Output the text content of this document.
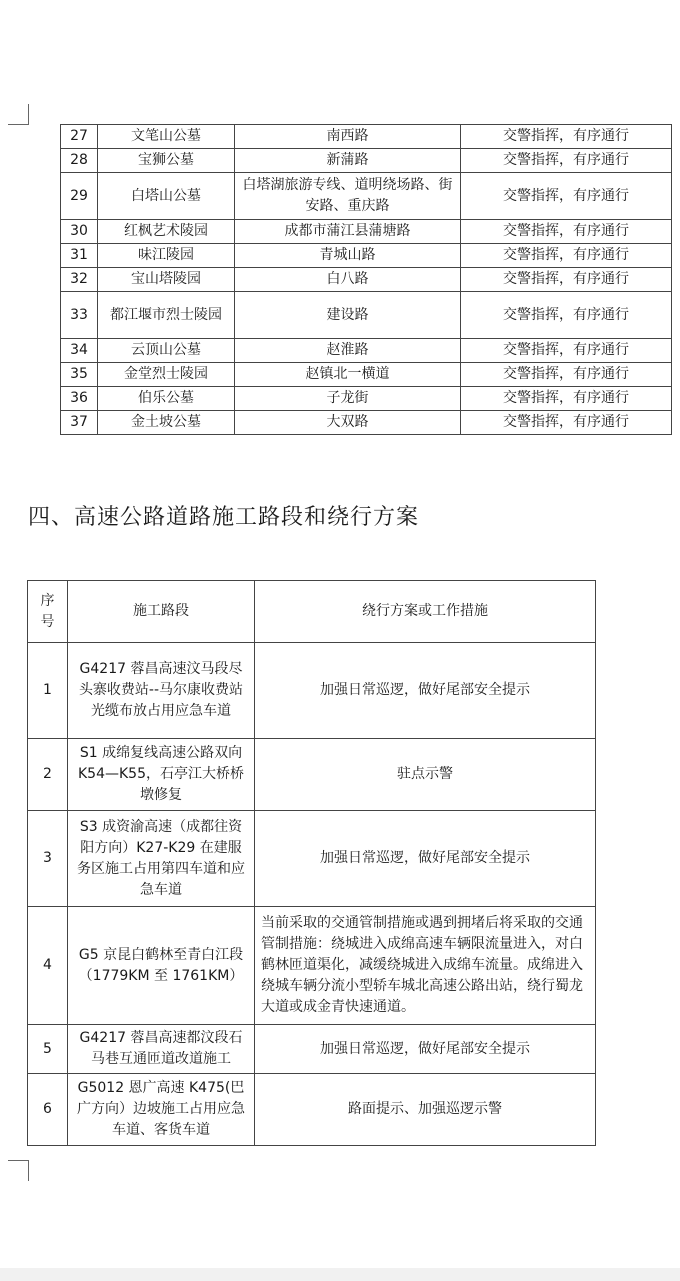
27	文笔山公墓	南西路	交警指挥，有序通行
28	宝狮公墓	新蒲路	交警指挥，有序通行
29	白塔山公墓	白塔湖旅游专线、道明绕场路、街安路、重庆路	交警指挥，有序通行
30	红枫艺术陵园	成都市蒲江县蒲塘路	交警指挥，有序通行
31	味江陵园	青城山路	交警指挥，有序通行
32	宝山塔陵园	白八路	交警指挥，有序通行
33	都江堰市烈士陵园	建设路	交警指挥，有序通行
34	云顶山公墓	赵淮路	交警指挥，有序通行
35	金堂烈士陵园	赵镇北一横道	交警指挥，有序通行
36	伯乐公墓	子龙街	交警指挥，有序通行
37	金土坡公墓	大双路	交警指挥，有序通行
四、高速公路道路施工路段和绕行方案
序号	施工路段	绕行方案或工作措施
1	G4217 蓉昌高速汶马段尽头寨收费站--马尔康收费站　光缆布放占用应急车道	加强日常巡逻，做好尾部安全提示
2	S1 成绵复线高速公路双向 K54—K55，石亭江大桥桥墩修复	驻点示警
3	S3 成资渝高速（成都往资阳方向）K27-K29 在建服务区施工占用第四车道和应急车道	加强日常巡逻，做好尾部安全提示
4	G5 京昆白鹤林至青白江段（1779KM 至 1761KM）	当前采取的交通管制措施或遇到拥堵后将采取的交通管制措施：绕城进入成绵高速车辆限流量进入，对白鹤林匝道渠化，减缓绕城进入成绵车流量。成绵进入绕城车辆分流小型轿车城北高速公路出站，绕行蜀龙大道或成金青快速通道。
5	G4217 蓉昌高速都汶段石马巷互通匝道改道施工	加强日常巡逻，做好尾部安全提示
6	G5012 恩广高速 K475(巴广方向）边坡施工占用应急车道、客货车道	路面提示、加强巡逻示警
